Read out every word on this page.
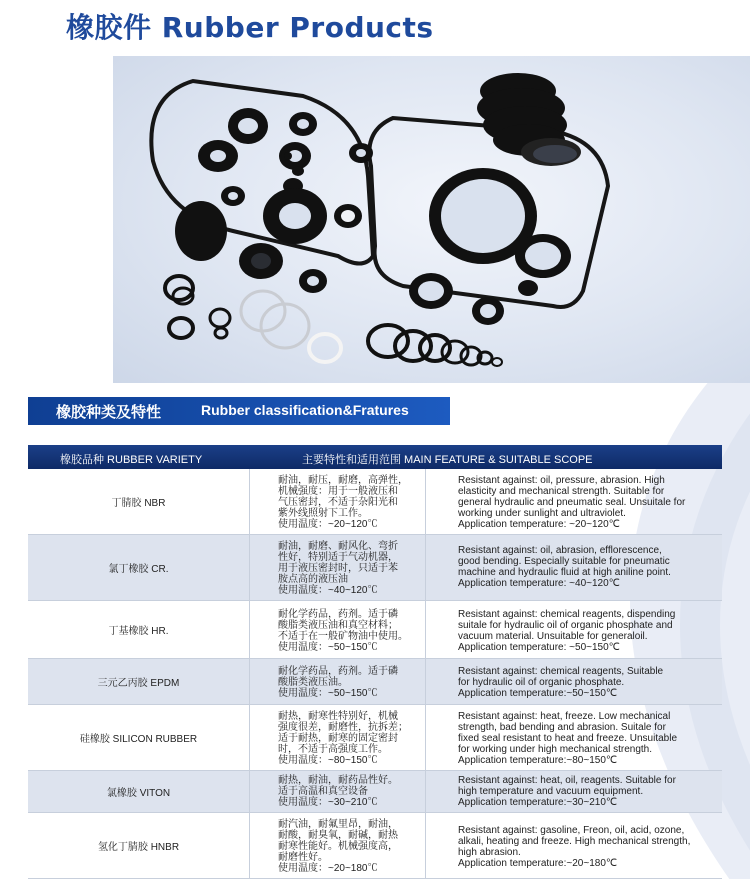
橡胶件 Rubber Products
橡胶种类及特性	Rubber classification&Fratures
橡胶品种 RUBBER VARIETY	主要特性和适用范围 MAIN FEATURE & SUITABLE SCOPE
丁腈胶 NBR
耐油，耐压，耐磨，高弹性，
机械强度：用于一般液压和
气压密封，不适于杂阳光和
紫外线照射下工作。
使用温度：~20~120℃
Resistant against: oil, pressure, abrasion. High
elasticity and mechanical strength. Suitable for
general hydraulic and pneumatic seal. Unsuitale for
working under sunlight and ultraviolet.
Application temperature: ~20~120℃
氯丁橡胶 CR.
耐油，耐磨、耐风化、弯折
性好，特别适于气动机器，
用于液压密封时，只适于苯
胺点高的液压油
使用温度：~40~120℃
Resistant against: oil, abrasion, efflorescence,
good bending. Especially suitable for pneumatic
machine and hydraulic fluid at high aniline point.
Application temperature: ~40~120℃
丁基橡胶 HR.
耐化学药品，药剂。适于磷
酸脂类液压油和真空材料；
不适于在一般矿物油中使用。
使用温度：~50~150℃
Resistant against: chemical reagents, dispending
suitale for hydraulic oil of organic phosphate and
vacuum material. Unsuitable for generaloil.
Application temperature: ~50~150℃
三元乙丙胶 EPDM
耐化学药品，药剂。适于磷
酸脂类液压油。
使用温度：~50~150℃
Resistant against: chemical reagents, Suitable
for hydraulic oil of organic phosphate.
Application temperature:~50~150℃
硅橡胶 SILICON RUBBER
耐热，耐寒性特别好，机械
强度很差，耐磨性，抗拆差；
适于耐热，耐寒的固定密封
时，不适于高强度工作。
使用温度：~80~150℃
Resistant against: heat, freeze. Low mechanical
strength, bad bending and abrasion. Suitale for
fixed seal resistant to heat and freeze. Unsuitable
for working under high mechanical strength.
Application temperature:~80~150℃
氯橡胶 VITON
耐热，耐油，耐药品性好。
适于高温和真空设备
使用温度：~30~210℃
Resistant against: heat, oil, reagents. Suitable for
high temperature and vacuum equipment.
Application temperature:~30~210℃
氢化丁腈胶 HNBR
耐汽油，耐氟里昂，耐油，
耐酸，耐臭氧，耐碱，耐热
耐寒性能好。机械强度高，
耐磨性好。
使用温度：~20~180℃
Resistant against: gasoline, Freon, oil, acid, ozone,
alkali, heating and freeze. High mechanical strength,
high abrasion.
Application temperature:~20~180℃
